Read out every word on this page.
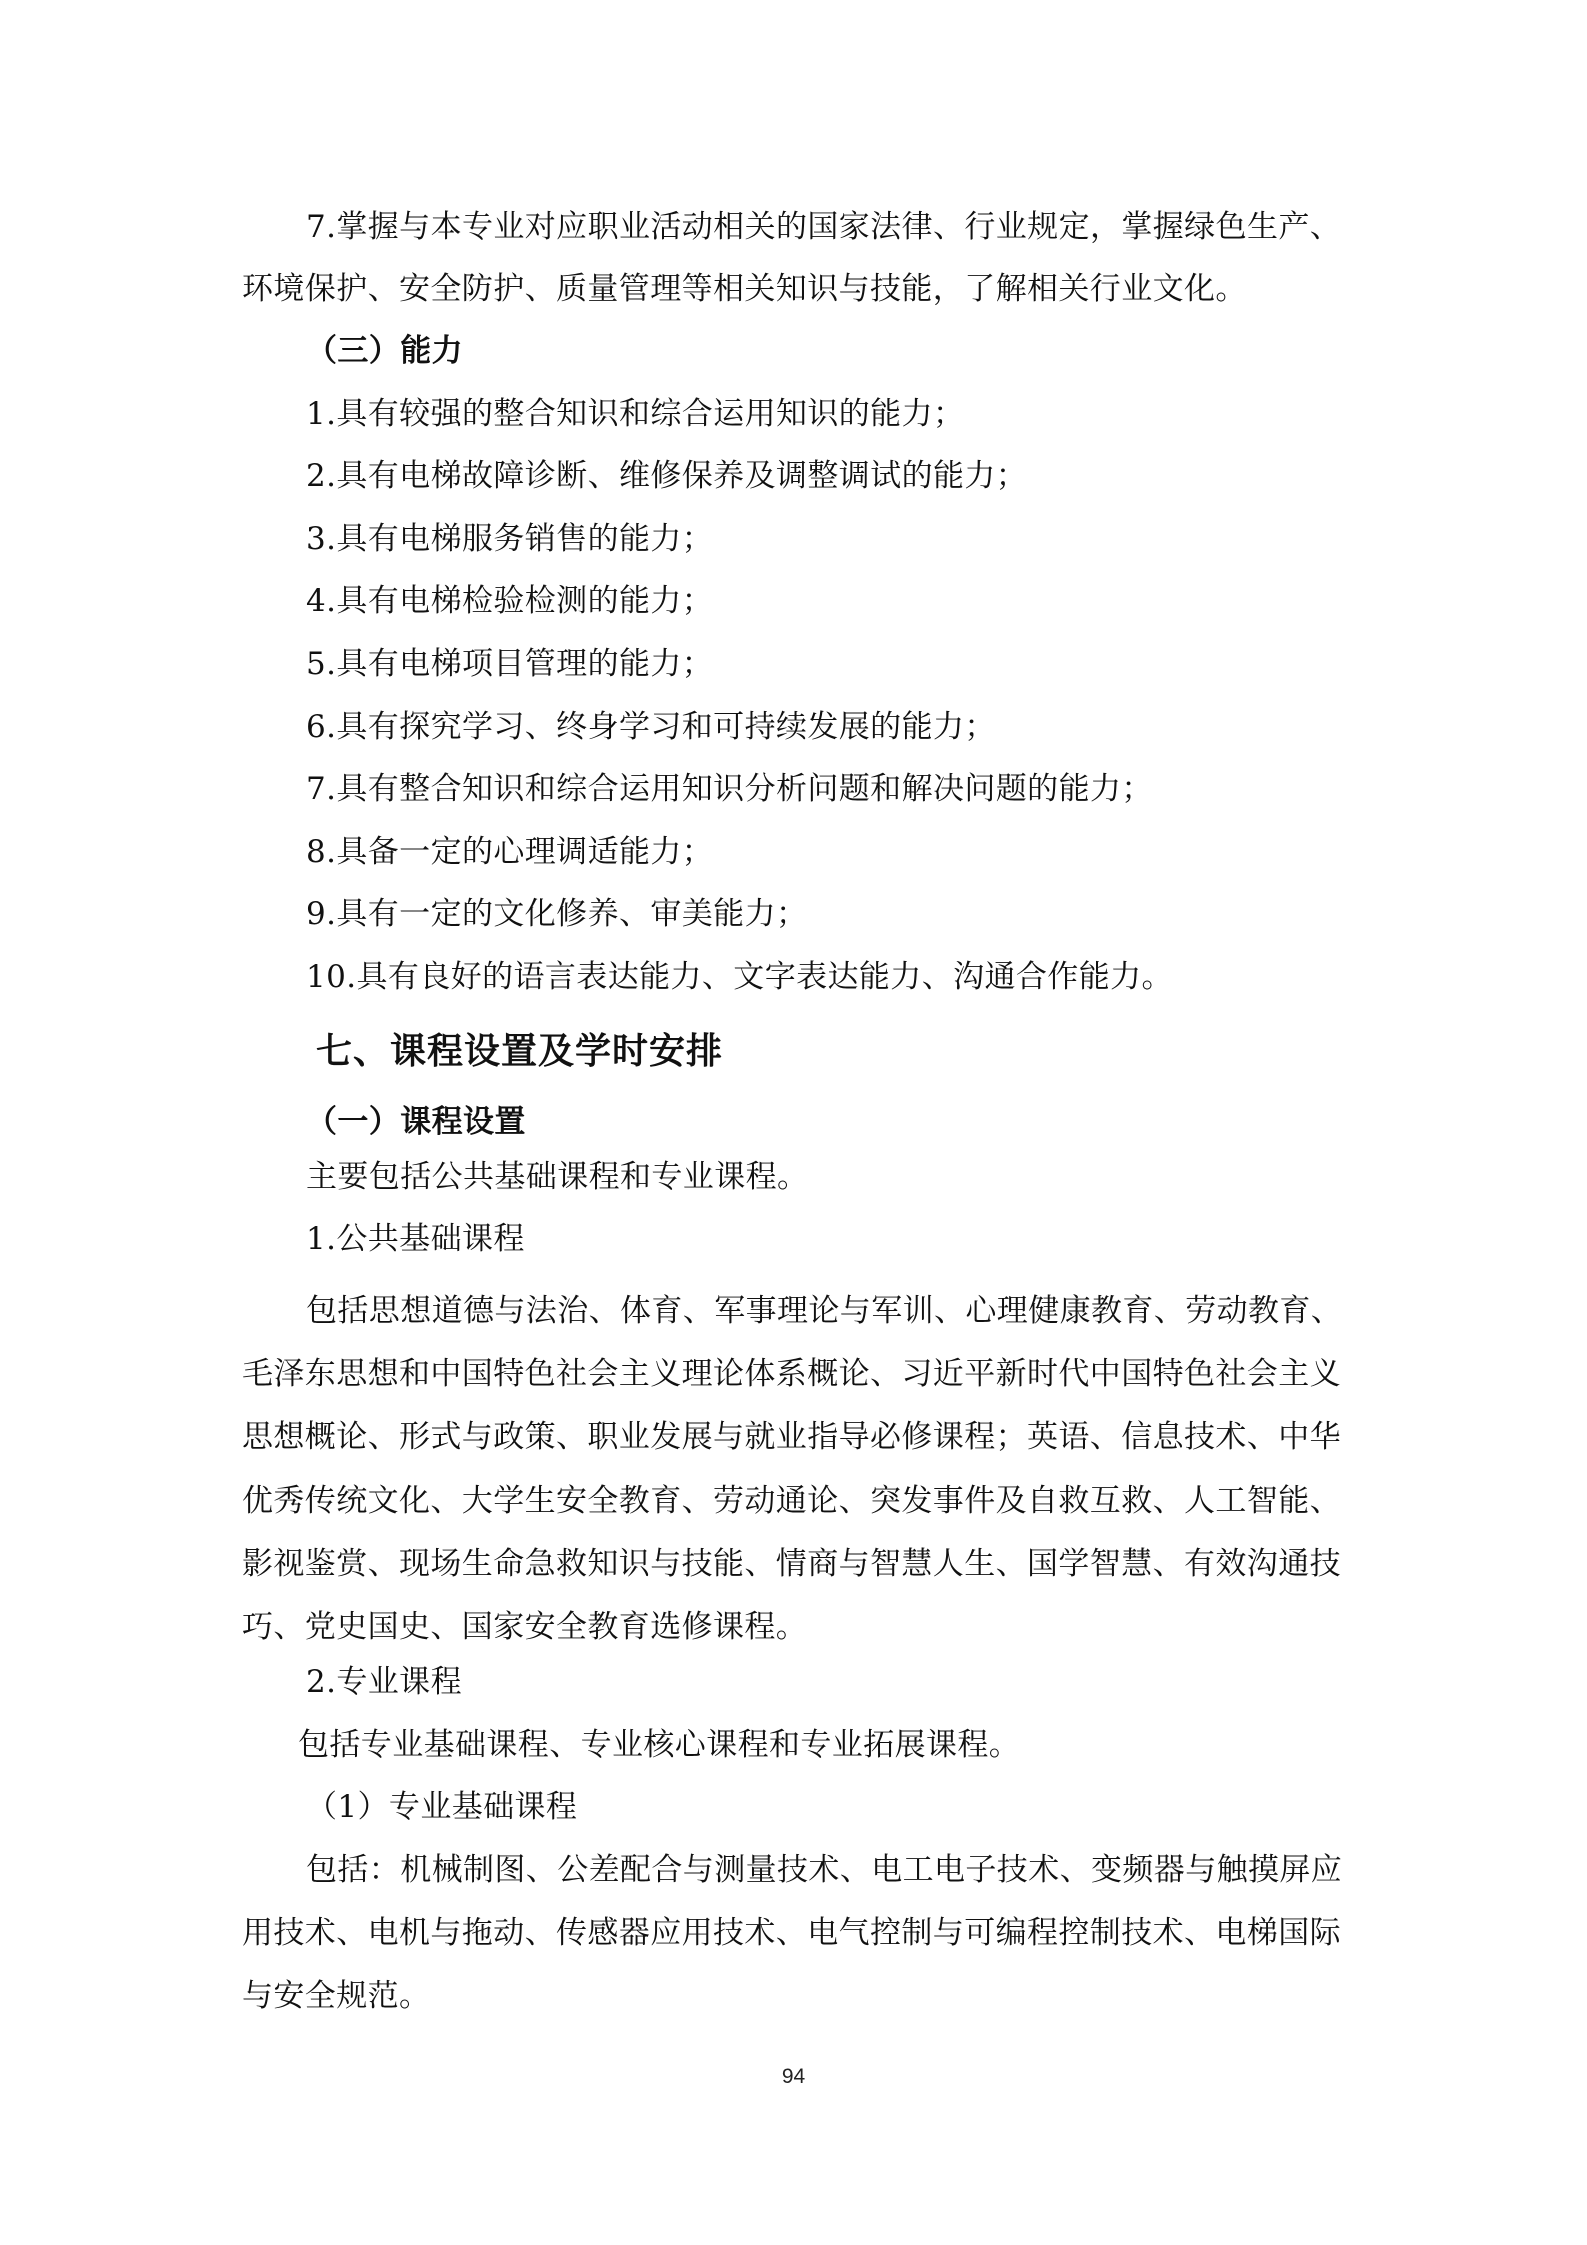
7.掌握与本专业对应职业活动相关的国家法律、行业规定，掌握绿色生产、
环境保护、安全防护、质量管理等相关知识与技能，了解相关行业文化。
（三）能力
1.具有较强的整合知识和综合运用知识的能力；
2.具有电梯故障诊断、维修保养及调整调试的能力；
3.具有电梯服务销售的能力；
4.具有电梯检验检测的能力；
5.具有电梯项目管理的能力；
6.具有探究学习、终身学习和可持续发展的能力；
7.具有整合知识和综合运用知识分析问题和解决问题的能力；
8.具备一定的心理调适能力；
9.具有一定的文化修养、审美能力；
10.具有良好的语言表达能力、文字表达能力、沟通合作能力。
七、课程设置及学时安排
（一）课程设置
主要包括公共基础课程和专业课程。
1.公共基础课程
包括思想道德与法治、体育、军事理论与军训、心理健康教育、劳动教育、
毛泽东思想和中国特色社会主义理论体系概论、习近平新时代中国特色社会主义
思想概论、形式与政策、职业发展与就业指导必修课程；英语、信息技术、中华
优秀传统文化、大学生安全教育、劳动通论、突发事件及自救互救、人工智能、
影视鉴赏、现场生命急救知识与技能、情商与智慧人生、国学智慧、有效沟通技
巧、党史国史、国家安全教育选修课程。
2.专业课程
包括专业基础课程、专业核心课程和专业拓展课程。
（1）专业基础课程
包括：机械制图、公差配合与测量技术、电工电子技术、变频器与触摸屏应
用技术、电机与拖动、传感器应用技术、电气控制与可编程控制技术、电梯国际
与安全规范。
94
